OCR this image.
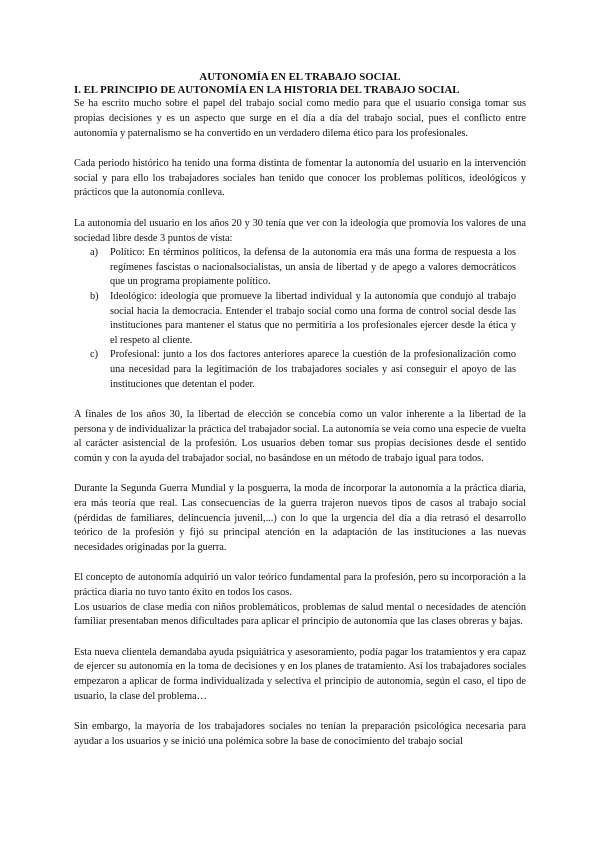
AUTONOMÍA EN EL TRABAJO SOCIAL
I. EL PRINCIPIO DE AUTONOMÍA EN LA HISTORIA DEL TRABAJO SOCIAL

Se ha escrito mucho sobre el papel del trabajo social como medio para que el usuario consiga tomar sus propias decisiones y es un aspecto que surge en el día a día del trabajo social, pues el conflicto entre autonomía y paternalismo se ha convertido en un verdadero dilema ético para los profesionales.

Cada periodo histórico ha tenido una forma distinta de fomentar la autonomía del usuario en la intervención social y para ello los trabajadores sociales han tenido que conocer los problemas políticos, ideológicos y prácticos que la autonomía conlleva.

La autonomía del usuario en los años 20 y 30 tenía que ver con la ideología que promovía los valores de una sociedad libre desde 3 puntos de vista:

a) Político: En términos políticos, la defensa de la autonomía era más una forma de respuesta a los regímenes fascistas o nacionalsocialistas, un ansia de libertad y de apego a valores democráticos que un programa propiamente político.
b) Ideológico: ideología que promueve la libertad individual y la autonomía que condujo al trabajo social hacia la democracia. Entender el trabajo social como una forma de control social desde las instituciones para mantener el status que no permitiría a los profesionales ejercer desde la ética y el respeto al cliente.
c) Profesional: junto a los dos factores anteriores aparece la cuestión de la profesionalización como una necesidad para la legitimación de los trabajadores sociales y así conseguir el apoyo de las instituciones que detentan el poder.

A finales de los años 30, la libertad de elección se concebía como un valor inherente a la libertad de la persona y de individualizar la práctica del trabajador social. La autonomía se veía como una especie de vuelta al carácter asistencial de la profesión. Los usuarios deben tomar sus propias decisiones desde el sentido común y con la ayuda del trabajador social, no basándose en un método de trabajo igual para todos.

Durante la Segunda Guerra Mundial y la posguerra, la moda de incorporar la autonomía a la práctica diaria, era más teoría que real. Las consecuencias de la guerra trajeron nuevos tipos de casos al trabajo social (pérdidas de familiares, delincuencia juvenil,...) con lo que la urgencia del día a día retrasó el desarrollo teórico de la profesión y fijó su principal atención en la adaptación de las instituciones a las nuevas necesidades originadas por la guerra.

El concepto de autonomía adquirió un valor teórico fundamental para la profesión, pero su incorporación a la práctica diaria no tuvo tanto éxito en todos los casos.

Los usuarios de clase media con niños problemáticos, problemas de salud mental o necesidades de atención familiar presentaban menos dificultades para aplicar el principio de autonomía que las clases obreras y bajas.

Esta nueva clientela demandaba ayuda psiquiátrica y asesoramiento, podía pagar los tratamientos y era capaz de ejercer su autonomía en la toma de decisiones y en los planes de tratamiento. Así los trabajadores sociales empezaron a aplicar de forma individualizada y selectiva el principio de autonomía, según el caso, el tipo de usuario, la clase del problema…

Sin embargo, la mayoría de los trabajadores sociales no tenían la preparación psicológica necesaria para ayudar a los usuarios y se inició una polémica sobre la base de conocimiento del trabajo social
